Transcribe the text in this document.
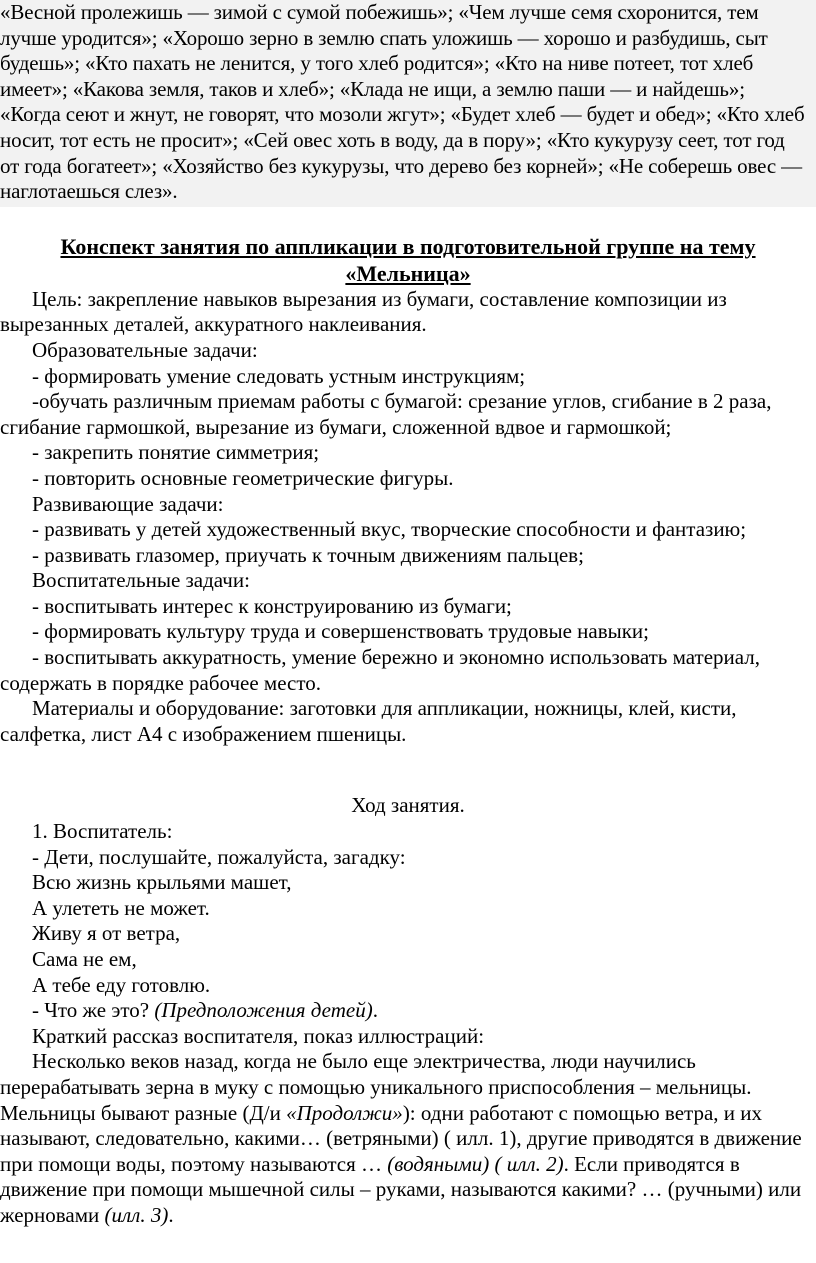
«Весной пролежишь — зимой с сумой побежишь»; «Чем лучше семя схоронится, тем лучше уродится»; «Хорошо зерно в землю спать уложишь — хорошо и разбудишь, сыт будешь»; «Кто пахать не ленится, у того хлеб родится»; «Кто на ниве потеет, тот хлеб имеет»; «Какова земля, таков и хлеб»; «Клада не ищи, а землю паши — и найдешь»; «Когда сеют и жнут, не говорят, что мозоли жгут»; «Будет хлеб — будет и обед»; «Кто хлеб носит, тот есть не просит»; «Сей овес хоть в воду, да в пору»; «Кто кукурузу сеет, тот год от года богатеет»; «Хозяйство без кукурузы, что дерево без корней»; «Не соберешь овес — наглотаешься слез».

Конспект занятия по аппликации в подготовительной группе на тему «Мельница»

Цель: закрепление навыков вырезания из бумаги, составление композиции из вырезанных деталей, аккуратного наклеивания.

Образовательные задачи:

- формировать умение следовать устным инструкциям;

-обучать различным приемам работы с бумагой: срезание углов, сгибание в 2 раза, сгибание гармошкой, вырезание из бумаги, сложенной вдвое и гармошкой;

- закрепить понятие симметрия;

- повторить основные геометрические фигуры.

Развивающие задачи:

- развивать у детей художественный вкус, творческие способности и фантазию;

- развивать глазомер, приучать к точным движениям пальцев;

Воспитательные задачи:

- воспитывать интерес к конструированию из бумаги;

- формировать культуру труда и совершенствовать трудовые навыки;

- воспитывать аккуратность, умение бережно и экономно использовать материал, содержать в порядке рабочее место.

Материалы и оборудование: заготовки для аппликации, ножницы, клей, кисти, салфетка, лист А4 с изображением пшеницы.

Ход занятия.

1. Воспитатель:

- Дети, послушайте, пожалуйста, загадку:

Всю жизнь крыльями машет,

А улететь не может.

Живу я от ветра,

Сама не ем,

А тебе еду готовлю.

- Что же это? (Предположения детей).

Краткий рассказ воспитателя, показ иллюстраций:

Несколько веков назад, когда не было еще электричества, люди научились перерабатывать зерна в муку с помощью уникального приспособления – мельницы. Мельницы бывают разные (Д/и «Продолжи»): одни работают с помощью ветра, и их называют, следовательно, какими… (ветряными) ( илл. 1), другие приводятся в движение при помощи воды, поэтому называются … (водяными) ( илл. 2). Если приводятся в движение при помощи мышечной силы – руками, называются какими? … (ручными) или жерновами (илл. 3).
